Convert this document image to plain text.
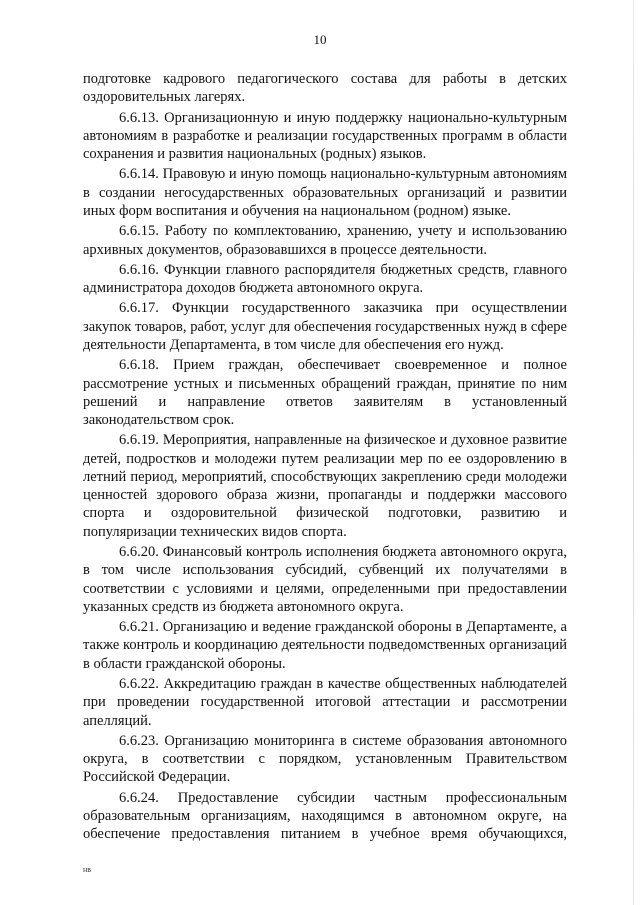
10

подготовке кадрового педагогического состава для работы в детских оздоровительных лагерях.

6.6.13. Организационную и иную поддержку национально-культурным автономиям в разработке и реализации государственных программ в области сохранения и развития национальных (родных) языков.

6.6.14. Правовую и иную помощь национально-культурным автономиям в создании негосударственных образовательных организаций и развитии иных форм воспитания и обучения на национальном (родном) языке.

6.6.15. Работу по комплектованию, хранению, учету и использованию архивных документов, образовавшихся в процессе деятельности.

6.6.16. Функции главного распорядителя бюджетных средств, главного администратора доходов бюджета автономного округа.

6.6.17. Функции государственного заказчика при осуществлении закупок товаров, работ, услуг для обеспечения государственных нужд в сфере деятельности Департамента, в том числе для обеспечения его нужд.

6.6.18. Прием граждан, обеспечивает своевременное и полное рассмотрение устных и письменных обращений граждан, принятие по ним решений и направление ответов заявителям в установленный законодательством срок.

6.6.19. Мероприятия, направленные на физическое и духовное развитие детей, подростков и молодежи путем реализации мер по ее оздоровлению в летний период, мероприятий, способствующих закреплению среди молодежи ценностей здорового образа жизни, пропаганды и поддержки массового спорта и оздоровительной физической подготовки, развитию и популяризации технических видов спорта.

6.6.20. Финансовый контроль исполнения бюджета автономного округа, в том числе использования субсидий, субвенций их получателями в соответствии с условиями и целями, определенными при предоставлении указанных средств из бюджета автономного округа.

6.6.21. Организацию и ведение гражданской обороны в Департаменте, а также контроль и координацию деятельности подведомственных организаций в области гражданской обороны.

6.6.22. Аккредитацию граждан в качестве общественных наблюдателей при проведении государственной итоговой аттестации и рассмотрении апелляций.

6.6.23. Организацию мониторинга в системе образования автономного округа, в соответствии с порядком, установленным Правительством Российской Федерации.

6.6.24. Предоставление субсидии частным профессиональным образовательным организациям, находящимся в автономном округе, на обеспечение предоставления питанием в учебное время обучающихся,

нв
